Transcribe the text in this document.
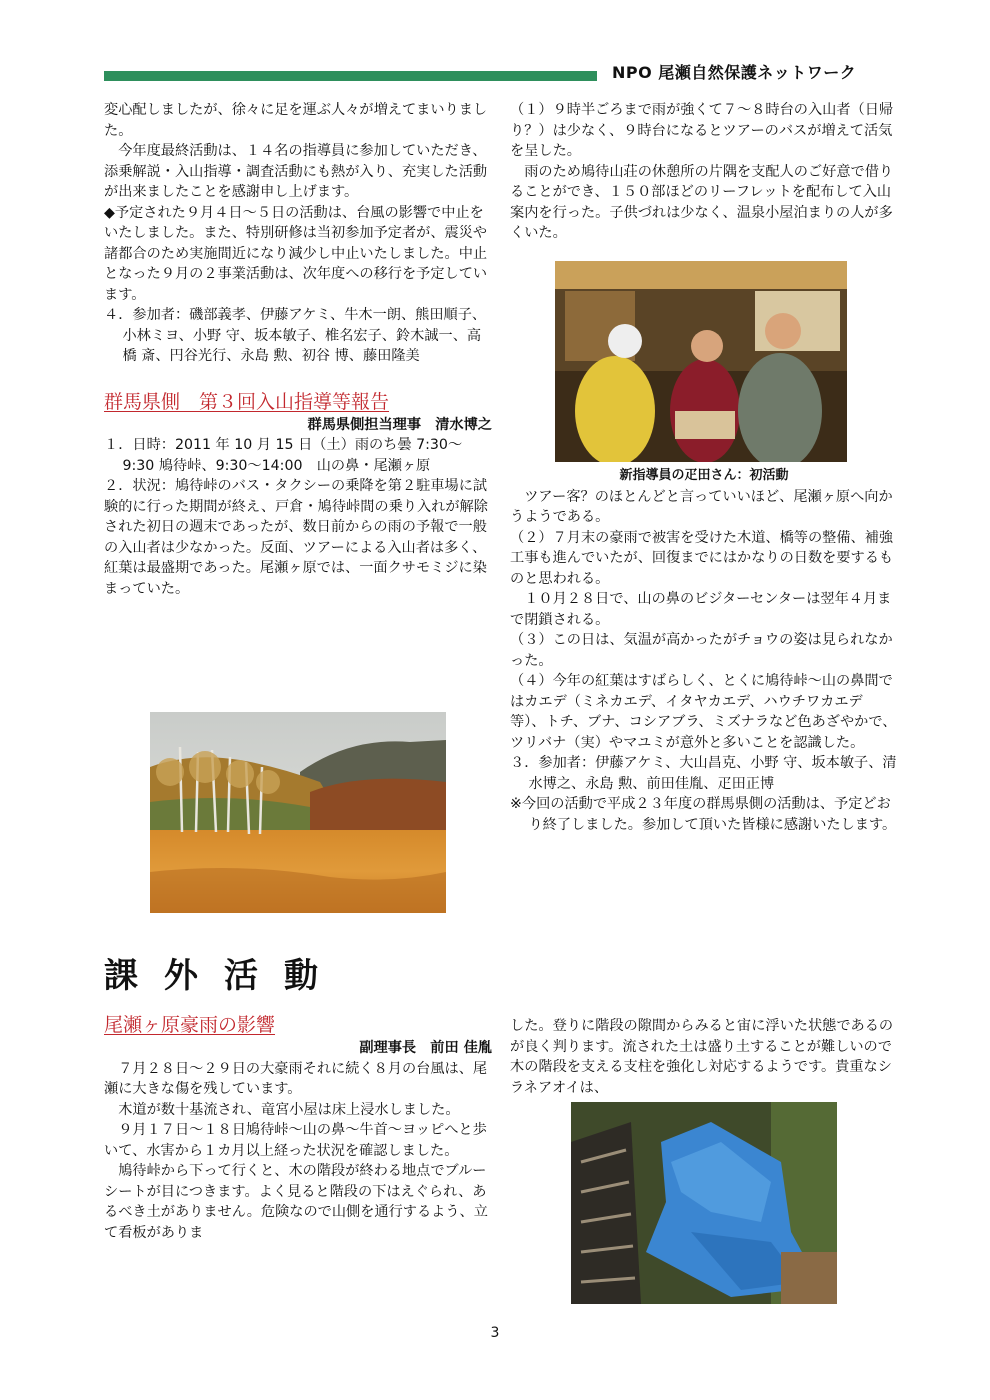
NPO 尾瀬自然保護ネットワーク

変心配しましたが、徐々に足を運ぶ人々が増えてまいりました。

今年度最終活動は、１４名の指導員に参加していただき、添乗解説・入山指導・調査活動にも熱が入り、充実した活動が出来ましたことを感謝申し上げます。

◆予定された９月４日～５日の活動は、台風の影響で中止をいたしました。また、特別研修は当初参加予定者が、震災や諸都合のため実施間近になり減少し中止いたしました。中止となった９月の２事業活動は、次年度への移行を予定しています。

４．参加者：磯部義孝、伊藤アケミ、牛木一朗、熊田順子、小林ミヨ、小野 守、坂本敏子、椎名宏子、鈴木誠一、高橋 斎、円谷光行、永島 勲、初谷 博、藤田隆美

群馬県側　第３回入山指導等報告

群馬県側担当理事　清水博之

１．日時：2011 年 10 月 15 日（土）雨のち曇 7:30～9:30 鳩待峠、9:30～14:00　山の鼻・尾瀬ヶ原

２．状況：鳩待峠のバス・タクシーの乗降を第２駐車場に試験的に行った期間が終え、戸倉・鳩待峠間の乗り入れが解除された初日の週末であったが、数日前からの雨の予報で一般の入山者は少なかった。反面、ツアーによる入山者は多く、紅葉は最盛期であった。尾瀬ヶ原では、一面クサモミジに染まっていた。

（１）９時半ごろまで雨が強くて７～８時台の入山者（日帰り？）は少なく、９時台になるとツアーのバスが増えて活気を呈した。

雨のため鳩待山荘の休憩所の片隅を支配人のご好意で借りることができ、１５０部ほどのリーフレットを配布して入山案内を行った。子供づれは少なく、温泉小屋泊まりの人が多くいた。

新指導員の疋田さん：初活動

ツアー客？のほとんどと言っていいほど、尾瀬ヶ原へ向かうようである。

（２）７月末の豪雨で被害を受けた木道、橋等の整備、補強工事も進んでいたが、回復までにはかなりの日数を要するものと思われる。

１０月２８日で、山の鼻のビジターセンターは翌年４月まで閉鎖される。

（３）この日は、気温が高かったがチョウの姿は見られなかった。

（４）今年の紅葉はすばらしく、とくに鳩待峠～山の鼻間ではカエデ（ミネカエデ、イタヤカエデ、ハウチワカエデ等）、トチ、ブナ、コシアブラ、ミズナラなど色あざやかで、ツリバナ（実）やマユミが意外と多いことを認識した。

３．参加者：伊藤アケミ、大山昌克、小野 守、坂本敏子、清水博之、永島 勲、前田佳胤、疋田正博

※今回の活動で平成２３年度の群馬県側の活動は、予定どおり終了しました。参加して頂いた皆様に感謝いたします。

課外活動

尾瀬ヶ原豪雨の影響

副理事長　前田 佳胤

７月２８日～２９日の大豪雨それに続く８月の台風は、尾瀬に大きな傷を残しています。

木道が数十基流され、竜宮小屋は床上浸水しました。

９月１７日～１８日鳩待峠～山の鼻～牛首～ヨッピへと歩いて、水害から１カ月以上経った状況を確認しました。

鳩待峠から下って行くと、木の階段が終わる地点でブルーシートが目につきます。よく見ると階段の下はえぐられ、あるべき土がありません。危険なので山側を通行するよう、立て看板がありま

した。登りに階段の隙間からみると宙に浮いた状態であるのが良く判ります。流された土は盛り土することが難しいので木の階段を支える支柱を強化し対応するようです。貴重なシラネアオイは、

3
